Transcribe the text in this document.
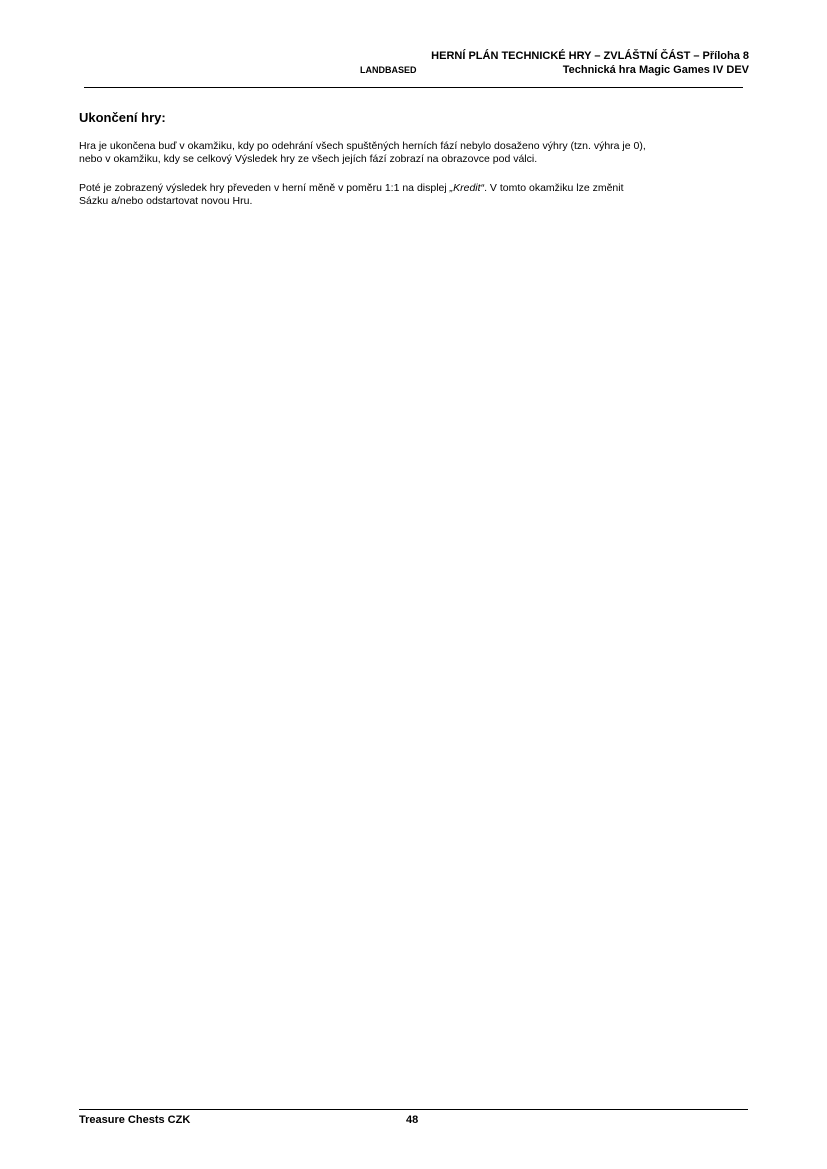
HERNÍ PLÁN TECHNICKÉ HRY – ZVLÁŠTNÍ ČÁST – Příloha 8
LANDBASED	Technická hra Magic Games IV DEV
Ukončení hry:
Hra je ukončena buď v okamžiku, kdy po odehrání všech spuštěných herních fází nebylo dosaženo výhry (tzn. výhra je 0),
nebo v okamžiku, kdy se celkový Výsledek hry ze všech jejích fází zobrazí na obrazovce pod válci.
Poté je zobrazený výsledek hry převeden v herní měně v poměru 1:1 na displej „Kredit“. V tomto okamžiku lze změnit
Sázku a/nebo odstartovat novou Hru.
Treasure Chests CZK	48
